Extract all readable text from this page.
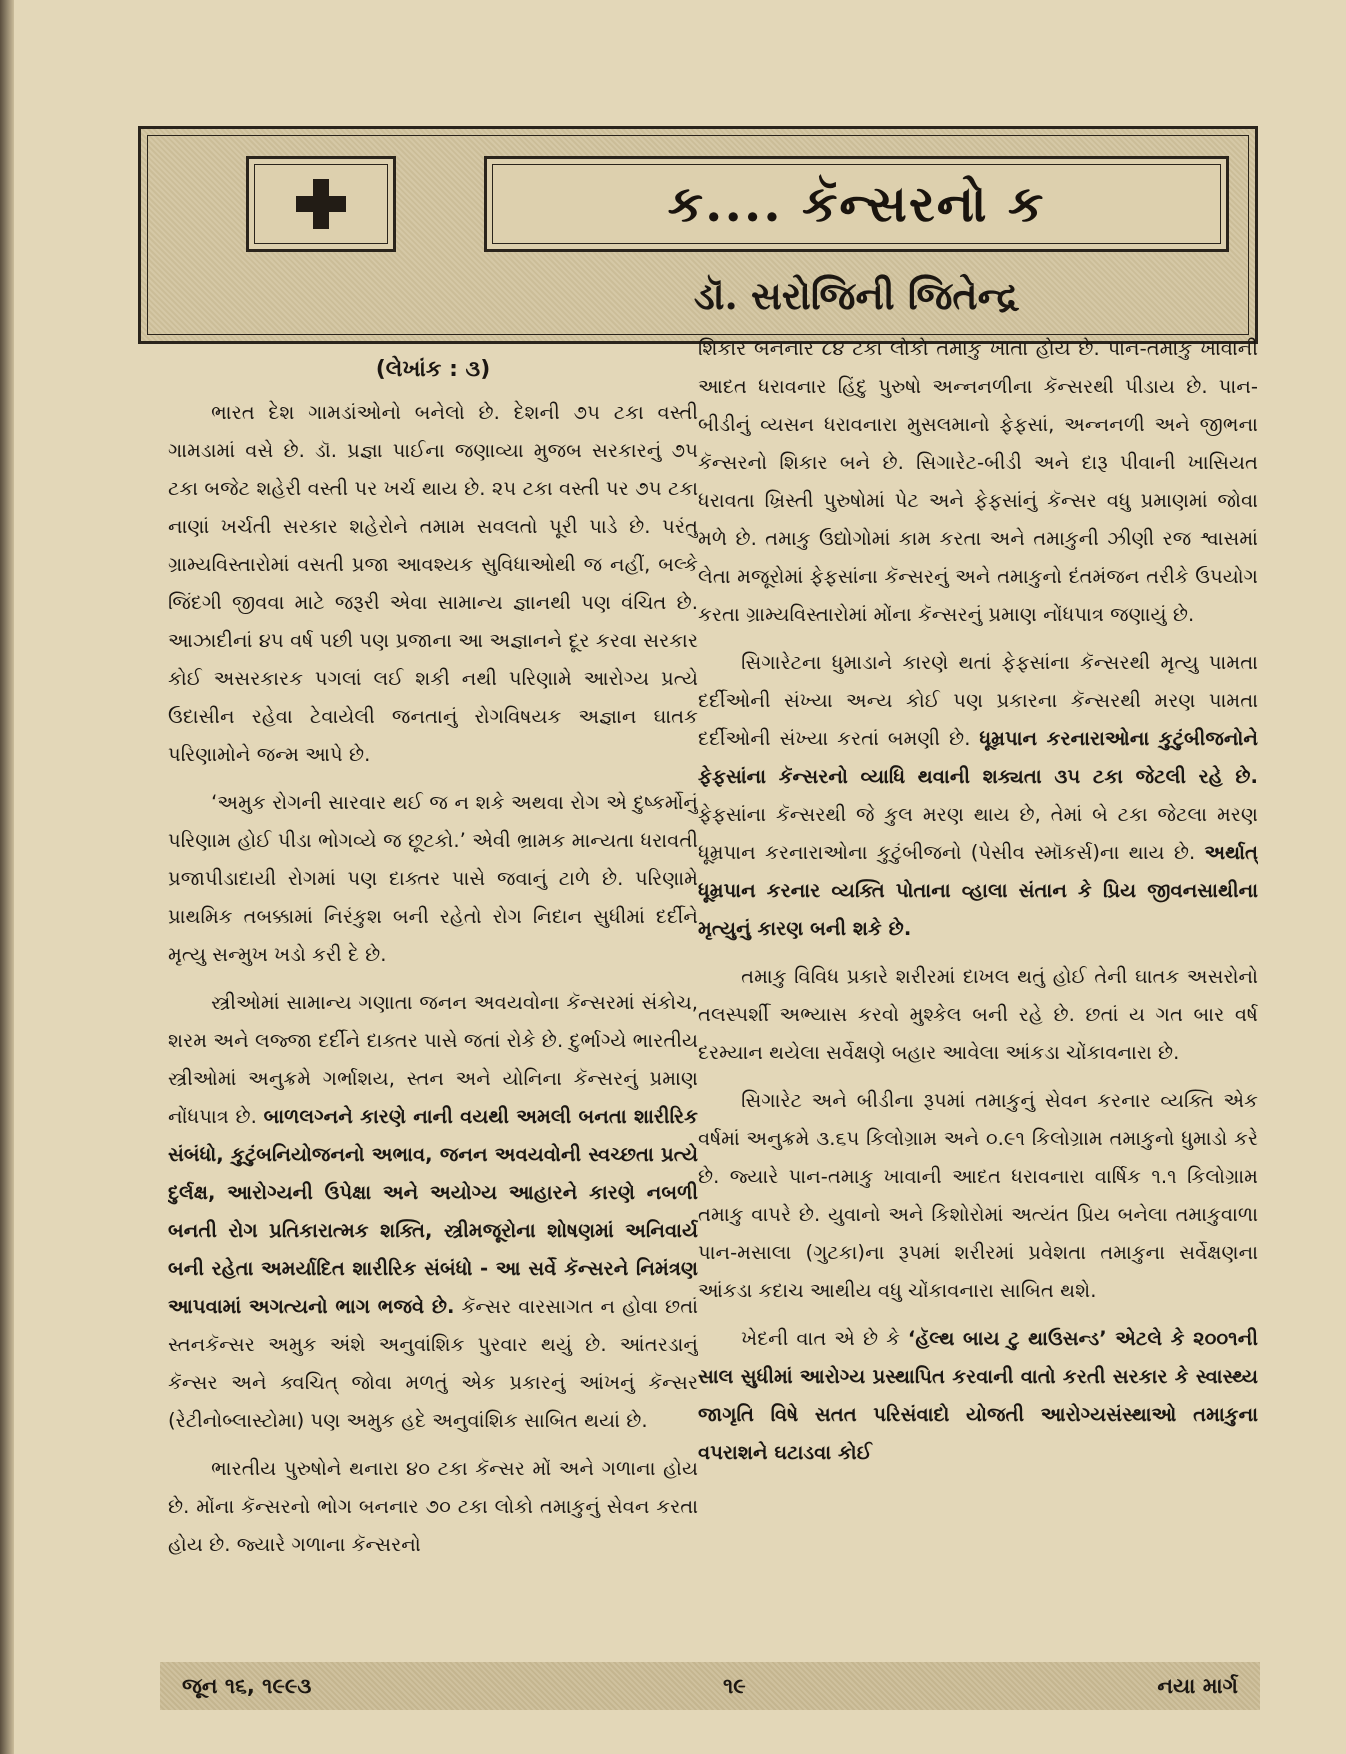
ક.... કૅન્સરનો ક
ડૉ. સરોજિની જિતેન્દ્ર

(લેખાંક : ૩)

ભારત દેશ ગામડાંઓનો બનેલો છે. દેશની ૭૫ ટકા વસ્તી ગામડામાં વસે છે. ડૉ. પ્રજ્ઞા પાઈના જણાવ્યા મુજબ સરકારનું ૭૫ ટકા બજેટ શહેરી વસ્તી પર ખર્ચ થાય છે. ૨૫ ટકા વસ્તી પર ૭૫ ટકા નાણાં ખર્ચતી સરકાર શહેરોને તમામ સવલતો પૂરી પાડે છે. પરંતુ ગ્રામ્યવિસ્તારોમાં વસતી પ્રજા આવશ્યક સુવિધાઓથી જ નહીં, બલ્કે જિંદગી જીવવા માટે જરૂરી એવા સામાન્ય જ્ઞાનથી પણ વંચિત છે. આઝાદીનાં ૪૫ વર્ષ પછી પણ પ્રજાના આ અજ્ઞાનને દૂર કરવા સરકાર કોઈ અસરકારક પગલાં લઈ શકી નથી પરિણામે આરોગ્ય પ્રત્યે ઉદાસીન રહેવા ટેવાયેલી જનતાનું રોગવિષયક અજ્ઞાન ઘાતક પરિણામોને જન્મ આપે છે.

‘અમુક રોગની સારવાર થઈ જ ન શકે અથવા રોગ એ દુષ્કર્મોનું પરિણામ હોઈ પીડા ભોગવ્યે જ છૂટકો.’ એવી ભ્રામક માન્યતા ધરાવતી પ્રજાપીડાદાયી રોગમાં પણ દાક્તર પાસે જવાનું ટાળે છે. પરિણામે પ્રાથમિક તબક્કામાં નિરંકુશ બની રહેતો રોગ નિદાન સુધીમાં દર્દીને મૃત્યુ સન્મુખ ખડો કરી દે છે.

સ્ત્રીઓમાં સામાન્ય ગણાતા જનન અવયવોના કૅન્સરમાં સંકોચ, શરમ અને લજ્જા દર્દીને દાક્તર પાસે જતાં રોકે છે. દુર્ભાગ્યે ભારતીય સ્ત્રીઓમાં અનુક્રમે ગર્ભાશય, સ્તન અને યોનિના કૅન્સરનું પ્રમાણ નોંધપાત્ર છે. બાળલગ્નને કારણે નાની વયથી અમલી બનતા શારીરિક સંબંધો, કુટુંબનિયોજનનો અભાવ, જનન અવયવોની સ્વચ્છતા પ્રત્યે દુર્લક્ષ, આરોગ્યની ઉપેક્ષા અને અયોગ્ય આહારને કારણે નબળી બનતી રોગ પ્રતિકારાત્મક શક્તિ, સ્ત્રીમજૂરોના શોષણમાં અનિવાર્ય બની રહેતા અમર્યાદિત શારીરિક સંબંધો - આ સર્વે કૅન્સરને નિમંત્રણ આપવામાં અગત્યનો ભાગ ભજવે છે. કૅન્સર વારસાગત ન હોવા છતાં સ્તનકૅન્સર અમુક અંશે અનુવાંશિક પુરવાર થયું છે. આંતરડાનું કૅન્સર અને ક્વચિત્ જોવા મળતું એક પ્રકારનું આંખનું કૅન્સર (રેટીનોબ્લાસ્ટોમા) પણ અમુક હદે અનુવાંશિક સાબિત થયાં છે.

ભારતીય પુરુષોને થનારા ૪૦ ટકા કૅન્સર મોં અને ગળાના હોય છે. મોંના કૅન્સરનો ભોગ બનનાર ૭૦ ટકા લોકો તમાકુનું સેવન કરતા હોય છે. જ્યારે ગળાના કૅન્સરનો

શિકાર બનનાર ૮૪ ટકા લોકો તમાકુ ખાતા હોય છે. પાન-તમાકુ ખાવાની આદત ધરાવનાર હિંદુ પુરુષો અન્નનળીના કૅન્સરથી પીડાય છે. પાન-બીડીનું વ્યસન ધરાવનારા મુસલમાનો ફેફસાં, અન્નનળી અને જીભના કૅન્સરનો શિકાર બને છે. સિગારેટ-બીડી અને દારૂ પીવાની ખાસિયત ધરાવતા ખ્રિસ્તી પુરુષોમાં પેટ અને ફેફસાંનું કૅન્સર વધુ પ્રમાણમાં જોવા મળે છે. તમાકુ ઉદ્યોગોમાં કામ કરતા અને તમાકુની ઝીણી રજ શ્વાસમાં લેતા મજૂરોમાં ફેફસાંના કૅન્સરનું અને તમાકુનો દંતમંજન તરીકે ઉપયોગ કરતા ગ્રામ્યવિસ્તારોમાં મોંના કૅન્સરનું પ્રમાણ નોંધપાત્ર જણાયું છે.

સિગારેટના ધુમાડાને કારણે થતાં ફેફસાંના કૅન્સરથી મૃત્યુ પામતા દર્દીઓની સંખ્યા અન્ય કોઈ પણ પ્રકારના કૅન્સરથી મરણ પામતા દર્દીઓની સંખ્યા કરતાં બમણી છે. ધૂમ્રપાન કરનારાઓના કુટુંબીજનોને ફેફસાંના કૅન્સરનો વ્યાધિ થવાની શક્યતા ૩૫ ટકા જેટલી રહે છે. ફેફસાંના કૅન્સરથી જે કુલ મરણ થાય છે, તેમાં બે ટકા જેટલા મરણ ધૂમ્રપાન કરનારાઓના કુટુંબીજનો (પેસીવ સ્મૉકર્સ)ના થાય છે. અર્થાત્ ધૂમ્રપાન કરનાર વ્યક્તિ પોતાના વ્હાલા સંતાન કે પ્રિય જીવનસાથીના મૃત્યુનું કારણ બની શકે છે.

તમાકુ વિવિધ પ્રકારે શરીરમાં દાખલ થતું હોઈ તેની ઘાતક અસરોનો તલસ્પર્શી અભ્યાસ કરવો મુશ્કેલ બની રહે છે. છતાં ય ગત બાર વર્ષ દરમ્યાન થયેલા સર્વેક્ષણે બહાર આવેલા આંકડા ચોંકાવનારા છે.

સિગારેટ અને બીડીના રૂપમાં તમાકુનું સેવન કરનાર વ્યક્તિ એક વર્ષમાં અનુક્રમે ૩.૬૫ કિલોગ્રામ અને ૦.૯૧ કિલોગ્રામ તમાકુનો ધુમાડો કરે છે. જ્યારે પાન-તમાકુ ખાવાની આદત ધરાવનારા વાર્ષિક ૧.૧ કિલોગ્રામ તમાકુ વાપરે છે. યુવાનો અને કિશોરોમાં અત્યંત પ્રિય બનેલા તમાકુવાળા પાન-મસાલા (ગુટકા)ના રૂપમાં શરીરમાં પ્રવેશતા તમાકુના સર્વેક્ષણના આંકડા કદાચ આથીય વધુ ચોંકાવનારા સાબિત થશે.

ખેદની વાત એ છે કે ‘હૅલ્થ બાય ટુ થાઉસન્ડ’ એટલે કે ૨૦૦૧ની સાલ સુધીમાં આરોગ્ય પ્રસ્થાપિત કરવાની વાતો કરતી સરકાર કે સ્વાસ્થ્ય જાગૃતિ વિષે સતત પરિસંવાદો યોજતી આરોગ્યસંસ્થાઓ તમાકુના વપરાશને ઘટાડવા કોઈ

જૂન ૧૬, ૧૯૯૩	૧૯	નયા માર્ગ
